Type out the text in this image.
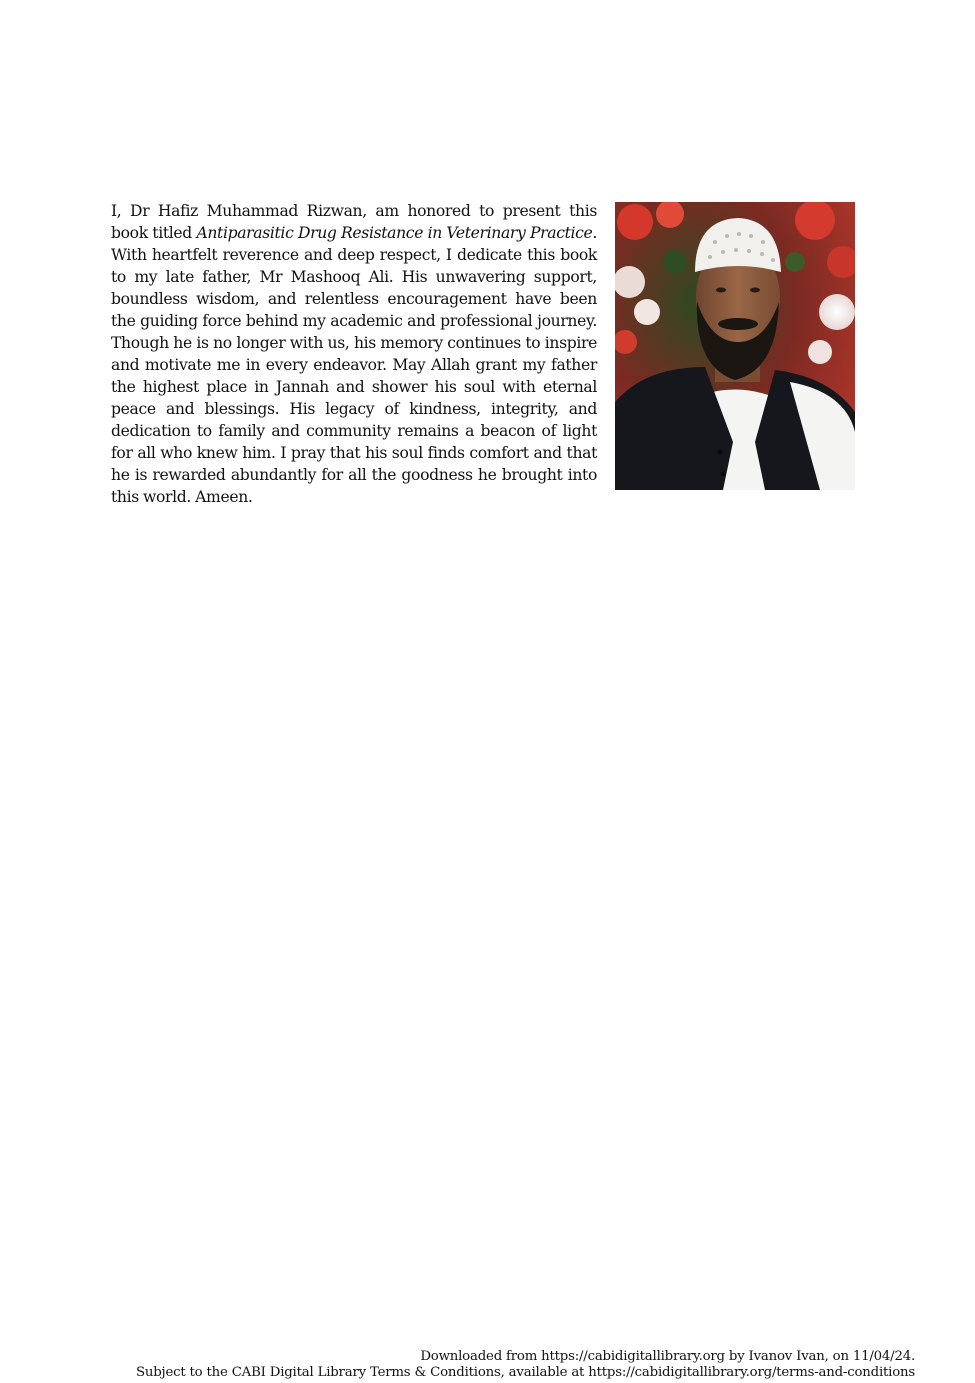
I, Dr Hafiz Muhammad Rizwan, am honored to present this book titled Antiparasitic Drug Resistance in Veterinary Practice. With heartfelt reverence and deep respect, I dedicate this book to my late father, Mr Mashooq Ali. His unwavering support, boundless wisdom, and relentless encouragement have been the guiding force behind my academic and professional journey. Though he is no longer with us, his memory continues to inspire and motivate me in every endeavor. May Allah grant my father the highest place in Jannah and shower his soul with eternal peace and blessings. His legacy of kindness, integrity, and dedication to family and community remains a beacon of light for all who knew him. I pray that his soul finds comfort and that he is rewarded abundantly for all the goodness he brought into this world. Ameen.
Downloaded from https://cabidigitallibrary.org by Ivanov Ivan, on 11/04/24.
Subject to the CABI Digital Library Terms & Conditions, available at https://cabidigitallibrary.org/terms-and-conditions
